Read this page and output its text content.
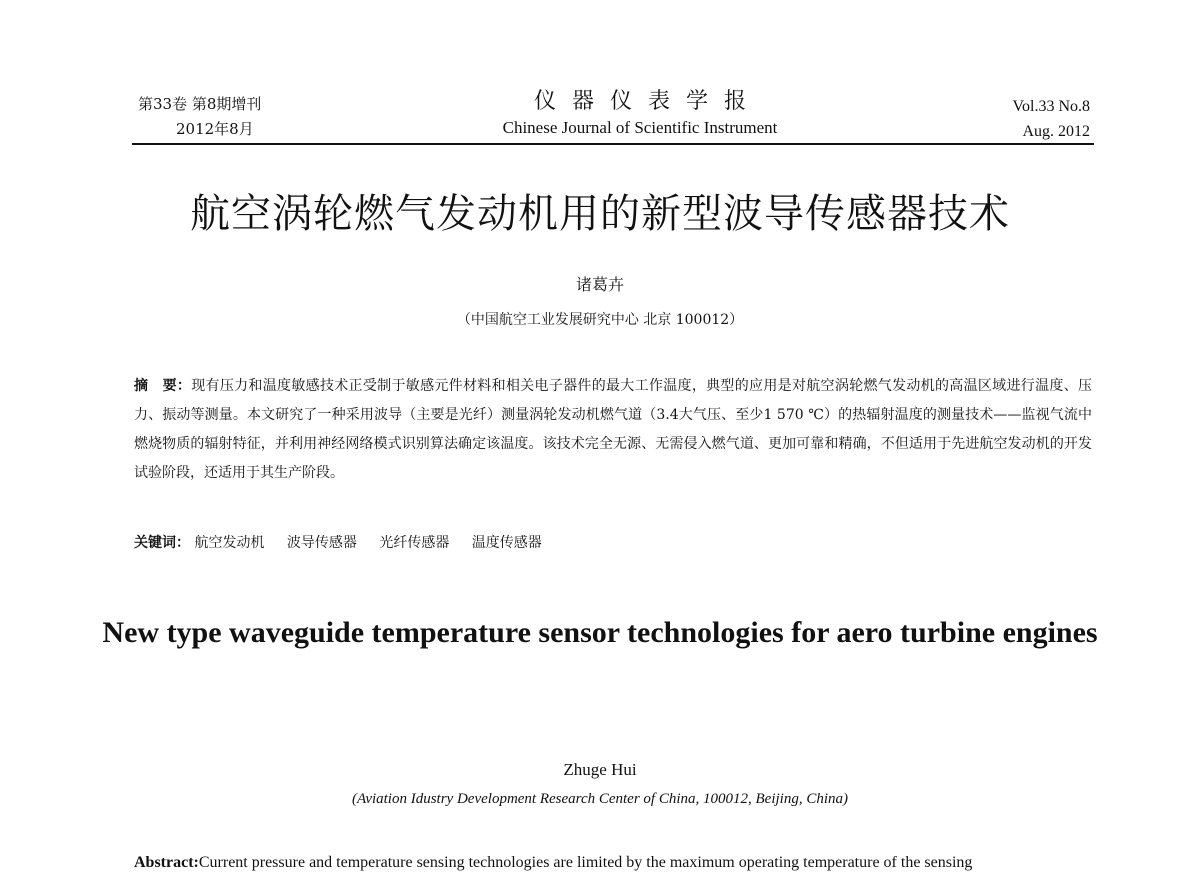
第33卷 第8期增刊
2012年8月
仪器仪表学报
Chinese Journal of Scientific Instrument
Vol.33 No.8
Aug. 2012
航空涡轮燃气发动机用的新型波导传感器技术
诸葛卉
（中国航空工业发展研究中心 北京 100012）
摘　要：现有压力和温度敏感技术正受制于敏感元件材料和相关电子器件的最大工作温度，典型的应用是对航空涡轮燃气发动机的高温区域进行温度、压力、振动等测量。本文研究了一种采用波导（主要是光纤）测量涡轮发动机燃气道（3.4大气压、至少1 570 ℃）的热辐射温度的测量技术——监视气流中燃烧物质的辐射特征，并利用神经网络模式识别算法确定该温度。该技术完全无源、无需侵入燃气道、更加可靠和精确，不但适用于先进航空发动机的开发试验阶段，还适用于其生产阶段。
关键词： 航空发动机 波导传感器 光纤传感器 温度传感器
New type waveguide temperature sensor technologies for aero turbine engines
Zhuge Hui
(Aviation Idustry Development Research Center of China, 100012, Beijing, China)
Abstract:Current pressure and temperature sensing technologies are limited by the maximum operating temperature of the sensing
